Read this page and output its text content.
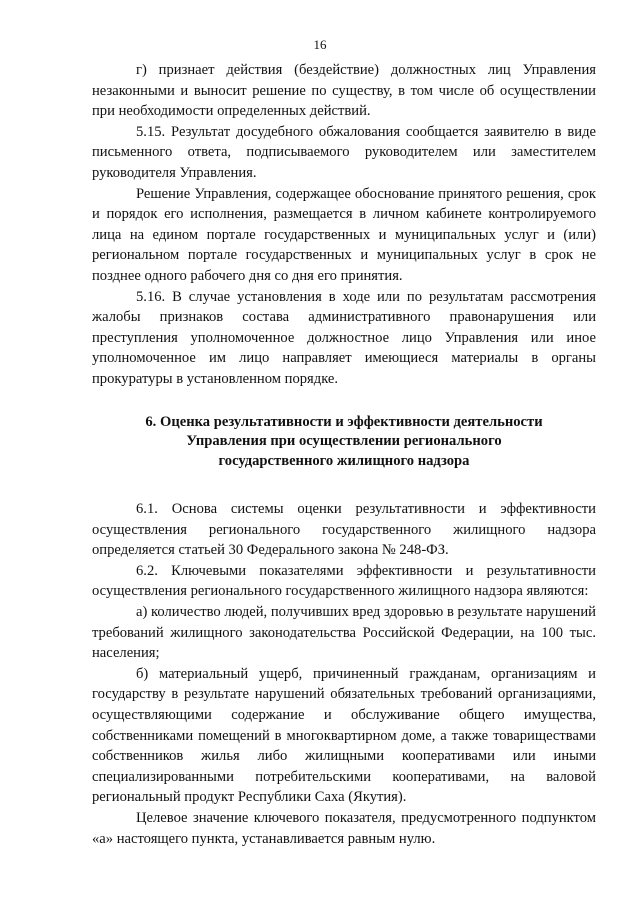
16

г) признает действия (бездействие) должностных лиц Управления незаконными и выносит решение по существу, в том числе об осуществлении при необходимости определенных действий.

5.15. Результат досудебного обжалования сообщается заявителю в виде письменного ответа, подписываемого руководителем или заместителем руководителя Управления.

Решение Управления, содержащее обоснование принятого решения, срок и порядок его исполнения, размещается в личном кабинете контролируемого лица на едином портале государственных и муниципальных услуг и (или) региональном портале государственных и муниципальных услуг в срок не позднее одного рабочего дня со дня его принятия.

5.16. В случае установления в ходе или по результатам рассмотрения жалобы признаков состава административного правонарушения или преступления уполномоченное должностное лицо Управления или иное уполномоченное им лицо направляет имеющиеся материалы в органы прокуратуры в установленном порядке.

6. Оценка результативности и эффективности деятельности
Управления при осуществлении регионального
государственного жилищного надзора

6.1. Основа системы оценки результативности и эффективности осуществления регионального государственного жилищного надзора определяется статьей 30 Федерального закона № 248-ФЗ.

6.2. Ключевыми показателями эффективности и результативности осуществления регионального государственного жилищного надзора являются:

а) количество людей, получивших вред здоровью в результате нарушений требований жилищного законодательства Российской Федерации, на 100 тыс. населения;

б) материальный ущерб, причиненный гражданам, организациям и государству в результате нарушений обязательных требований организациями, осуществляющими содержание и обслуживание общего имущества, собственниками помещений в многоквартирном доме, а также товариществами собственников жилья либо жилищными кооперативами или иными специализированными потребительскими кооперативами, на валовой региональный продукт Республики Саха (Якутия).

Целевое значение ключевого показателя, предусмотренного подпунктом «а» настоящего пункта, устанавливается равным нулю.
